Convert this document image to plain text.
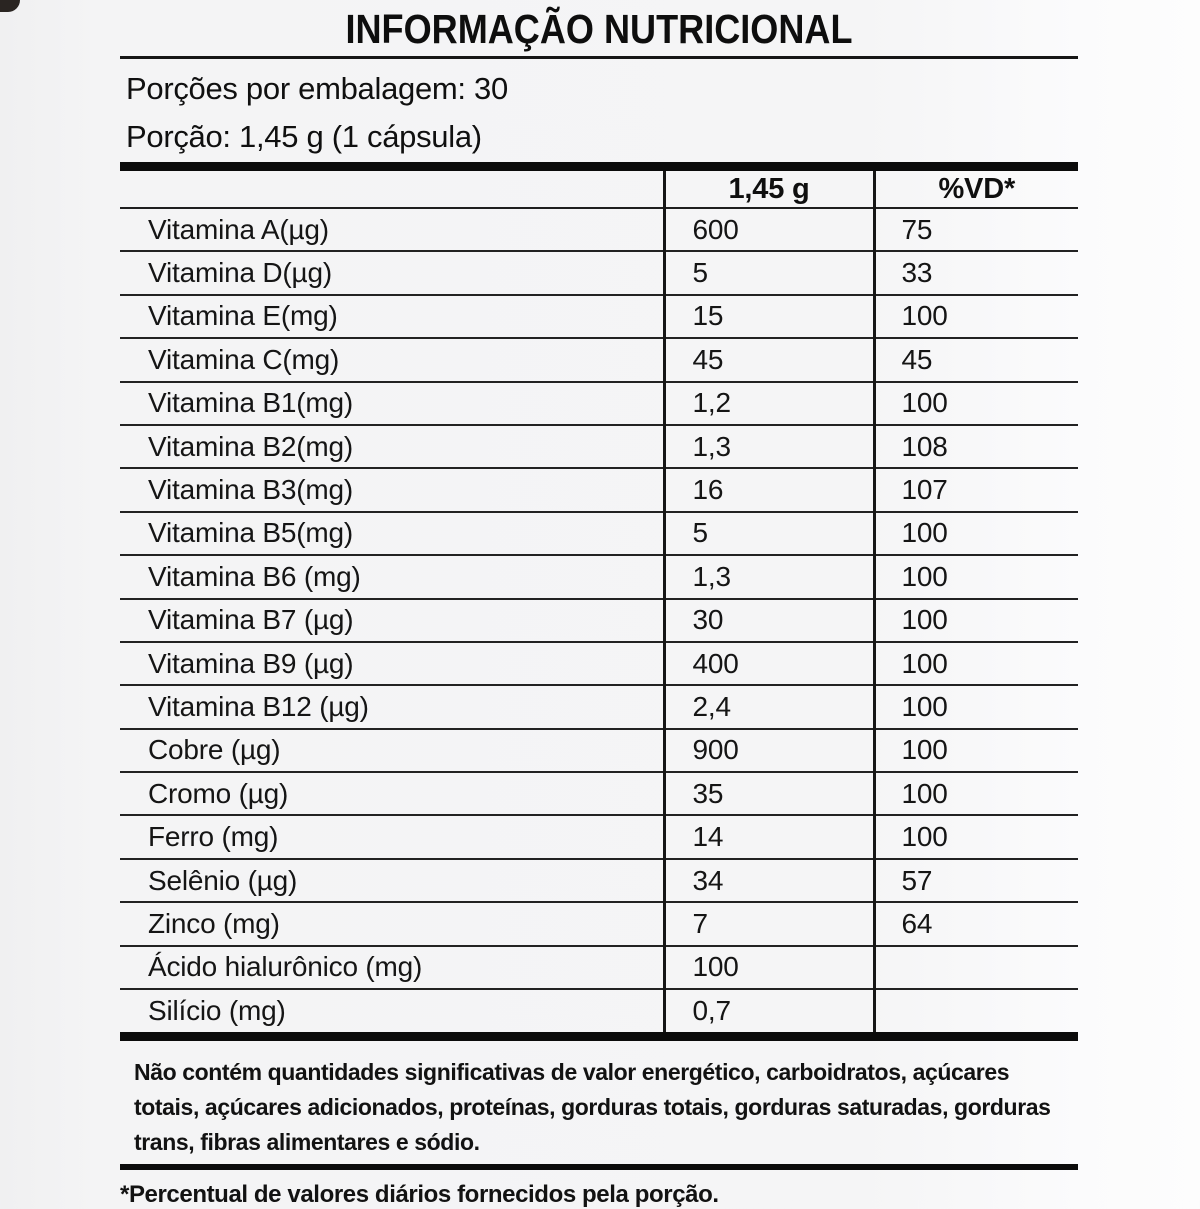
INFORMAÇÃO NUTRICIONAL
Porções por embalagem: 30
Porção: 1,45 g (1 cápsula)
	1,45 g	%VD*
Vitamina A(µg)	600	75
Vitamina D(µg)	5	33
Vitamina E(mg)	15	100
Vitamina C(mg)	45	45
Vitamina B1(mg)	1,2	100
Vitamina B2(mg)	1,3	108
Vitamina B3(mg)	16	107
Vitamina B5(mg)	5	100
Vitamina B6 (mg)	1,3	100
Vitamina B7 (µg)	30	100
Vitamina B9 (µg)	400	100
Vitamina B12 (µg)	2,4	100
Cobre (µg)	900	100
Cromo (µg)	35	100
Ferro (mg)	14	100
Selênio (µg)	34	57
Zinco (mg)	7	64
Ácido hialurônico (mg)	100	
Silício (mg)	0,7	
Não contém quantidades significativas de valor energético, carboidratos, açúcares
totais, açúcares adicionados, proteínas, gorduras totais, gorduras saturadas, gorduras
trans, fibras alimentares e sódio.
*Percentual de valores diários fornecidos pela porção.
